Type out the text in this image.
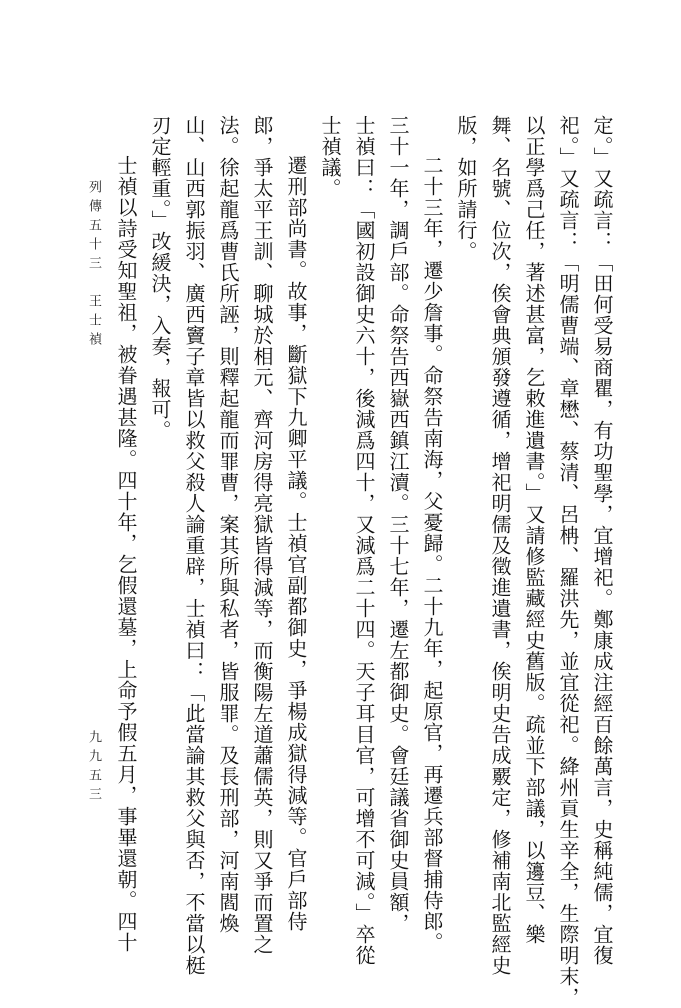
定。」又疏言：「田何受易商瞿，有功聖學，宜增祀。鄭康成注經百餘萬言，史稱純儒，宜復

祀。」又疏言：「明儒曹端、章懋、蔡清、呂柟、羅洪先，並宜從祀。絳州貢生辛全，生際明末，

以正學爲己任，著述甚富，乞敕進遺書。」又請修監藏經史舊版。疏並下部議，以籩豆、樂

舞、名號、位次，俟會典頒發遵循，增祀明儒及徵進遺書，俟明史告成覈定，修補南北監經史

版，如所請行。

二十三年，遷少詹事。命祭告南海，父憂歸。二十九年，起原官，再遷兵部督捕侍郎。

三十一年，調戶部。命祭告西嶽西鎮江瀆。三十七年，遷左都御史。會廷議省御史員額，

士禎曰：「國初設御史六十，後減爲四十，又減爲二十四。天子耳目官，可增不可減。」卒從

士禎議。

遷刑部尚書。故事，斷獄下九卿平議。士禎官副都御史，爭楊成獄得減等。官戶部侍

郎，爭太平王訓、聊城於相元、齊河房得亮獄皆得減等，而衡陽左道蕭儒英，則又爭而置之

法。徐起龍爲曹氏所誣，則釋起龍而罪曹，案其所與私者，皆服罪。及長刑部，河南閻煥

山、山西郭振羽、廣西竇子章皆以救父殺人論重辟，士禎曰：「此當論其救父與否，不當以梃

刃定輕重。」改緩決，入奏，報可。

士禎以詩受知聖祖，被眷遇甚隆。四十年，乞假還墓，上命予假五月，事畢還朝。四十

列傳五十三　王士禎
九九五三
